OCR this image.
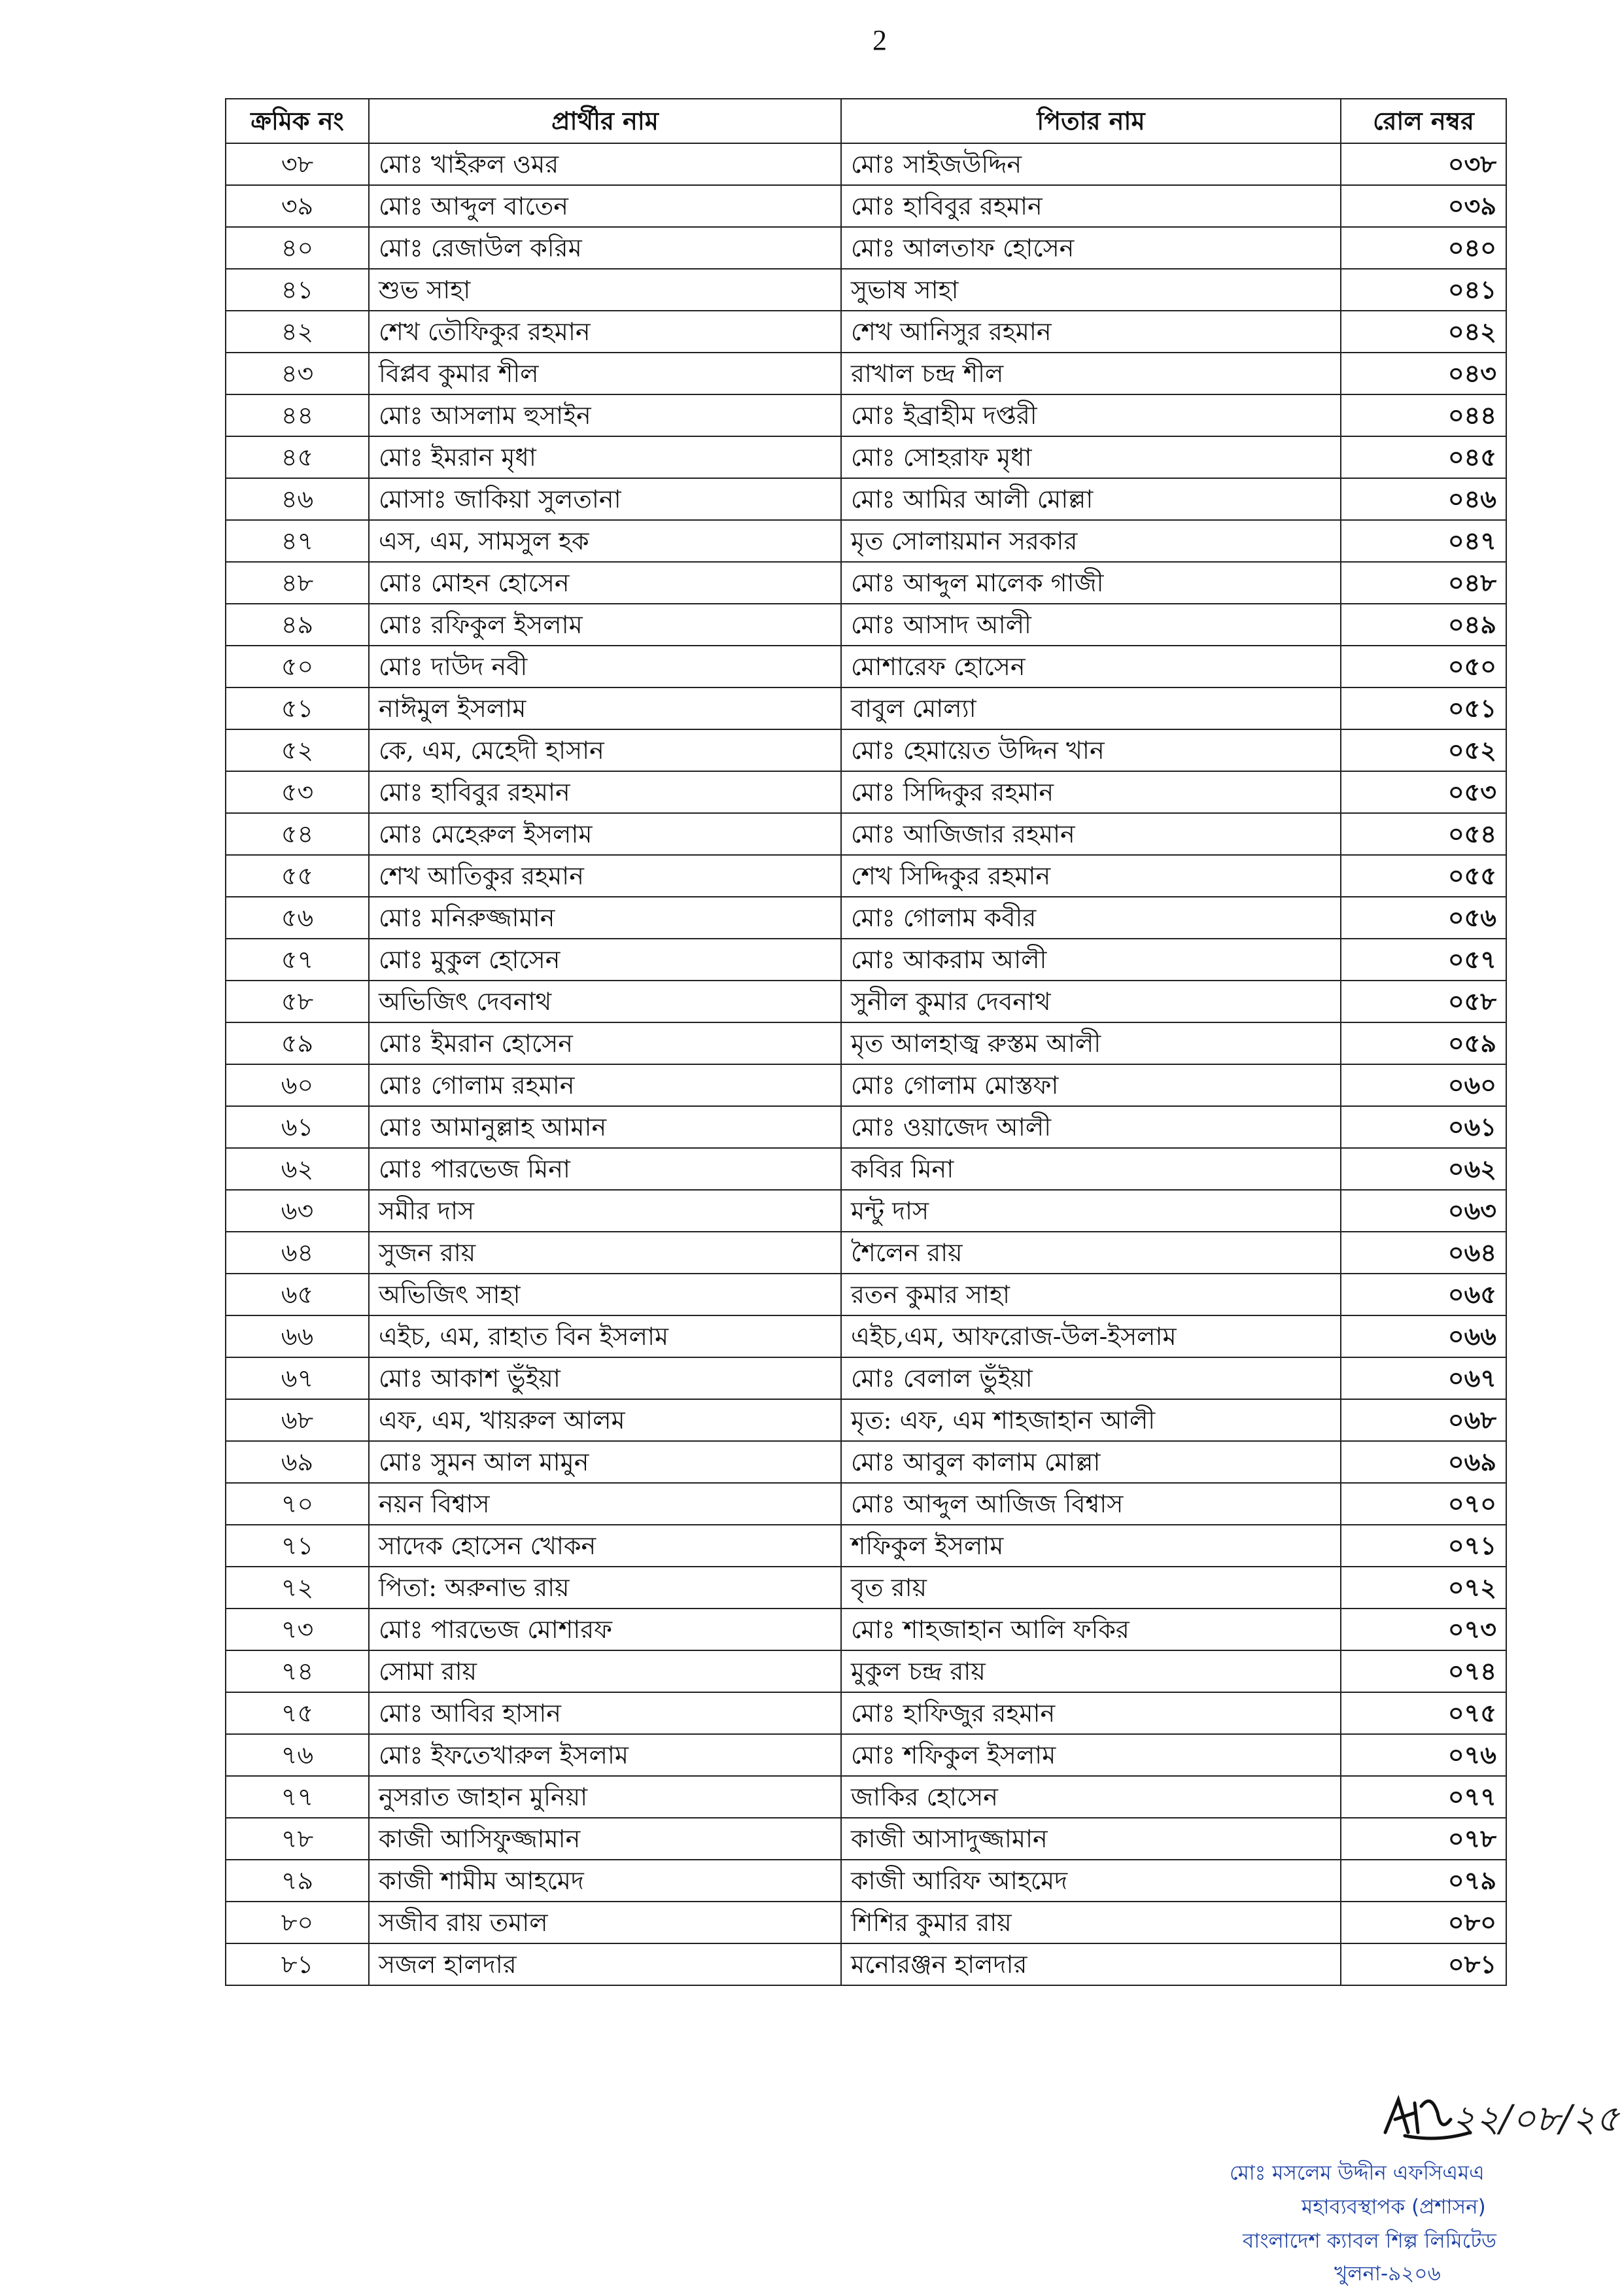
2
ক্রমিক নং	প্রার্থীর নাম	পিতার নাম	রোল নম্বর
৩৮	মোঃ খাইরুল ওমর	মোঃ সাইজউদ্দিন	০৩৮
৩৯	মোঃ আব্দুল বাতেন	মোঃ হাবিবুর রহমান	০৩৯
৪০	মোঃ রেজাউল করিম	মোঃ আলতাফ হোসেন	০৪০
৪১	শুভ সাহা	সুভাষ সাহা	০৪১
৪২	শেখ তৌফিকুর রহমান	শেখ আনিসুর রহমান	০৪২
৪৩	বিপ্লব কুমার শীল	রাখাল চন্দ্র শীল	০৪৩
৪৪	মোঃ আসলাম হুসাইন	মোঃ ইব্রাহীম দপ্তরী	০৪৪
৪৫	মোঃ ইমরান মৃধা	মোঃ সোহরাফ মৃধা	০৪৫
৪৬	মোসাঃ জাকিয়া সুলতানা	মোঃ আমির আলী মোল্লা	০৪৬
৪৭	এস, এম, সামসুল হক	মৃত সোলায়মান সরকার	০৪৭
৪৮	মোঃ মোহন হোসেন	মোঃ আব্দুল মালেক গাজী	০৪৮
৪৯	মোঃ রফিকুল ইসলাম	মোঃ আসাদ আলী	০৪৯
৫০	মোঃ দাউদ নবী	মোশারেফ হোসেন	০৫০
৫১	নাঈমুল ইসলাম	বাবুল মোল্যা	০৫১
৫২	কে, এম, মেহেদী হাসান	মোঃ হেমায়েত উদ্দিন খান	০৫২
৫৩	মোঃ হাবিবুর রহমান	মোঃ সিদ্দিকুর রহমান	০৫৩
৫৪	মোঃ মেহেরুল ইসলাম	মোঃ আজিজার রহমান	০৫৪
৫৫	শেখ আতিকুর রহমান	শেখ সিদ্দিকুর রহমান	০৫৫
৫৬	মোঃ মনিরুজ্জামান	মোঃ গোলাম কবীর	০৫৬
৫৭	মোঃ মুকুল হোসেন	মোঃ আকরাম আলী	০৫৭
৫৮	অভিজিৎ দেবনাথ	সুনীল কুমার দেবনাথ	০৫৮
৫৯	মোঃ ইমরান হোসেন	মৃত আলহাজ্ব রুস্তম আলী	০৫৯
৬০	মোঃ গোলাম রহমান	মোঃ গোলাম মোস্তফা	০৬০
৬১	মোঃ আমানুল্লাহ আমান	মোঃ ওয়াজেদ আলী	০৬১
৬২	মোঃ পারভেজ মিনা	কবির মিনা	০৬২
৬৩	সমীর দাস	মন্টু দাস	০৬৩
৬৪	সুজন রায়	শৈলেন রায়	০৬৪
৬৫	অভিজিৎ সাহা	রতন কুমার সাহা	০৬৫
৬৬	এইচ, এম, রাহাত বিন ইসলাম	এইচ,এম, আফরোজ-উল-ইসলাম	০৬৬
৬৭	মোঃ আকাশ ভুঁইয়া	মোঃ বেলাল ভুঁইয়া	০৬৭
৬৮	এফ, এম, খায়রুল আলম	মৃত: এফ, এম শাহজাহান আলী	০৬৮
৬৯	মোঃ সুমন আল মামুন	মোঃ আবুল কালাম মোল্লা	০৬৯
৭০	নয়ন বিশ্বাস	মোঃ আব্দুল আজিজ বিশ্বাস	০৭০
৭১	সাদেক হোসেন খোকন	শফিকুল ইসলাম	০৭১
৭২	পিতা: অরুনাভ রায়	বৃত রায়	০৭২
৭৩	মোঃ পারভেজ মোশারফ	মোঃ শাহজাহান আলি ফকির	০৭৩
৭৪	সোমা রায়	মুকুল চন্দ্র রায়	০৭৪
৭৫	মোঃ আবির হাসান	মোঃ হাফিজুর রহমান	০৭৫
৭৬	মোঃ ইফতেখারুল ইসলাম	মোঃ শফিকুল ইসলাম	০৭৬
৭৭	নুসরাত জাহান মুনিয়া	জাকির হোসেন	০৭৭
৭৮	কাজী আসিফুজ্জামান	কাজী আসাদুজ্জামান	০৭৮
৭৯	কাজী শামীম আহমেদ	কাজী আরিফ আহমেদ	০৭৯
৮০	সজীব রায় তমাল	শিশির কুমার রায়	০৮০
৮১	সজল হালদার	মনোরঞ্জন হালদার	০৮১
২২/০৮/২৫
মোঃ মসলেম উদ্দীন এফসিএমএ
মহাব্যবস্থাপক (প্রশাসন)
বাংলাদেশ ক্যাবল শিল্প লিমিটেড
খুলনা-৯২০৬
